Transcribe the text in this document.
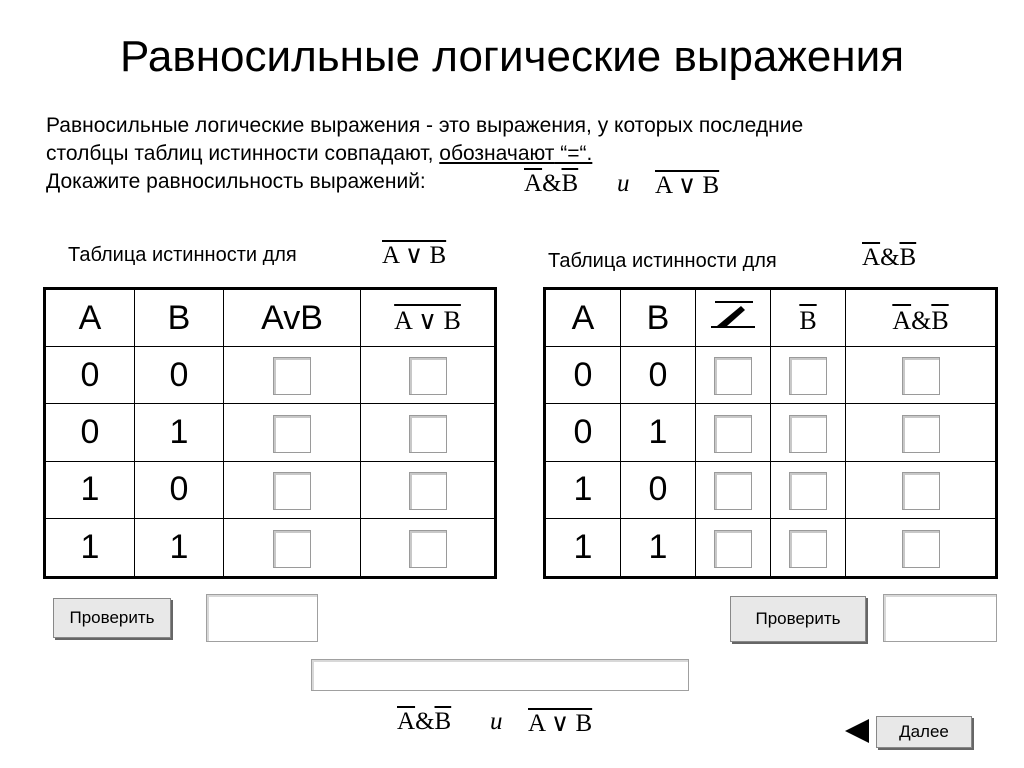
Равносильные логические выражения
Равносильные логические выражения - это выражения, у которых последние
столбцы таблиц истинности совпадают, обозначают “=“.
Докажите равносильность выражений:	$\overline{A}\&\overline{B}$ и A ∨ B
Таблица истинности для	A ∨ B
A	B	AvB	A ∨ B
0	0		
0	1		
1	0		
1	1		
Таблица истинности для	$\overline{A}\&\overline{B}$
A	B		$\overline{B}$	$\overline{A}\&\overline{B}$
0	0			
0	1			
1	0			
1	1			
Проверить	Проверить
$\overline{A}\&\overline{B}$ и A ∨ B	Далее
